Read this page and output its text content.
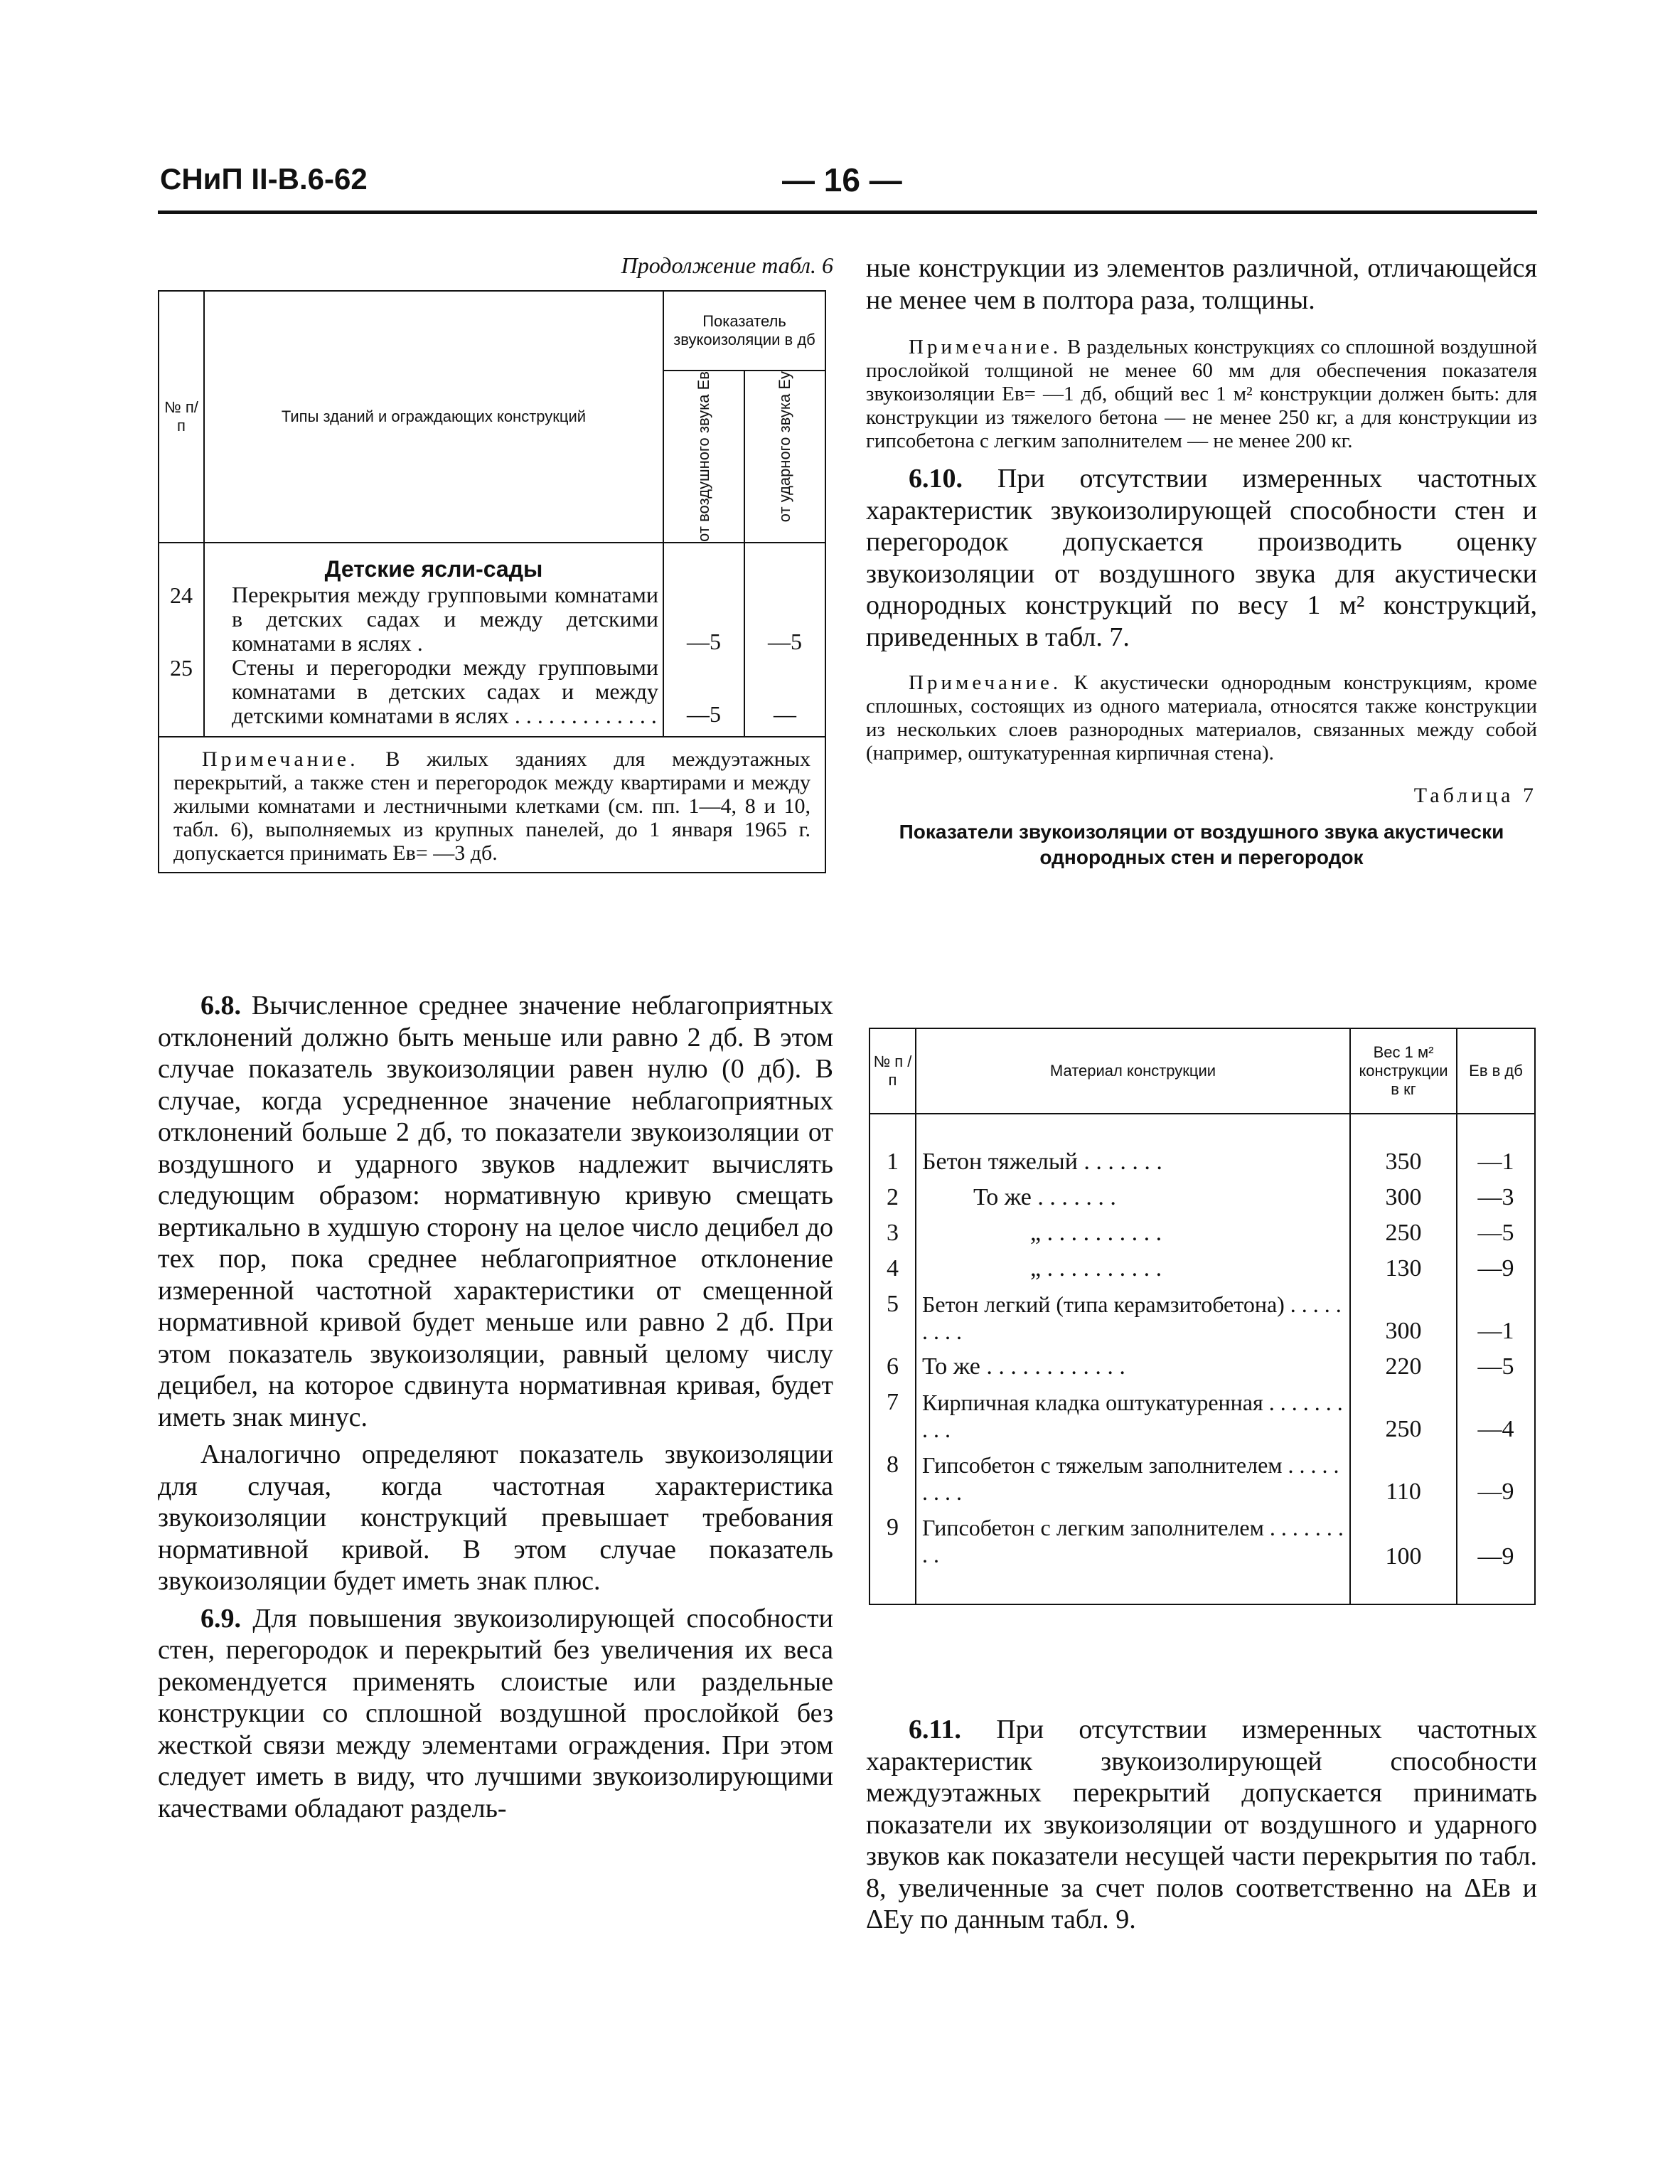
СНиП II-В.6-62	— 16 —
Продолжение табл. 6
№ п/п	Типы зданий и ограждающих конструкций	Показатель звукоизоляции в дб	

		от воздушного звука Eв	от ударного звука Eу

	Детские ясли-сады		
24	Перекрытия между групповыми комнатами в детских садах и между детскими комнатами в яслях .	—5	—5
25	Стены и перегородки между групповыми комнатами в детских садах и между детскими комнатами в яслях . . . . . . . . . . . . .	—5	—

Примечание. В жилых зданиях для междуэтажных перекрытий, а также стен и перегородок между квартирами и между жилыми комнатами и лестничными клетками (см. пп. 1—4, 8 и 10, табл. 6), выполняемых из крупных панелей, до 1 января 1965 г. допускается принимать Eв= —3 дб.			

6.8. Вычисленное среднее значение неблагоприятных отклонений должно быть меньше или равно 2 дб. В этом случае показатель звукоизоляции равен нулю (0 дб). В случае, когда усредненное значение неблагоприятных отклонений больше 2 дб, то показатели звукоизоляции от воздушного и ударного звуков надлежит вычислять следующим образом: нормативную кривую смещать вертикально в худшую сторону на целое число децибел до тех пор, пока среднее неблагоприятное отклонение измеренной частотной характеристики от смещенной нормативной кривой будет меньше или равно 2 дб. При этом показатель звукоизоляции, равный целому числу децибел, на которое сдвинута нормативная кривая, будет иметь знак минус.

Аналогично определяют показатель звукоизоляции для случая, когда частотная характеристика звукоизоляции конструкций превышает требования нормативной кривой. В этом случае показатель звукоизоляции будет иметь знак плюс.

6.9. Для повышения звукоизолирующей способности стен, перегородок и перекрытий без увеличения их веса рекомендуется применять слоистые или раздельные конструкции со сплошной воздушной прослойкой без жесткой связи между элементами ограждения. При этом следует иметь в виду, что лучшими звукоизолирующими качествами обладают раздель-

ные конструкции из элементов различной, отличающейся не менее чем в полтора раза, толщины.

Примечание. В раздельных конструкциях со сплошной воздушной прослойкой толщиной не менее 60 мм для обеспечения показателя звукоизоляции Eв= —1 дб, общий вес 1 м² конструкции должен быть: для конструкции из тяжелого бетона — не менее 250 кг, а для конструкции из гипсобетона с легким заполнителем — не менее 200 кг.

6.10. При отсутствии измеренных частотных характеристик звукоизолирующей способности стен и перегородок допускается производить оценку звукоизоляции от воздушного звука для акустически однородных конструкций по весу 1 м² конструкций, приведенных в табл. 7.

Примечание. К акустически однородным конструкциям, кроме сплошных, состоящих из одного материала, относятся также конструкции из нескольких слоев разнородных материалов, связанных между собой (например, оштукатуренная кирпичная стена).

Таблица 7
Показатели звукоизоляции от воздушного звука акустически однородных стен и перегородок
№ п /п	Материал конструкции	Вес 1 м² конструкции в кг	Eв в дб

1	Бетон тяжелый . . . . . . .	350	—1
2	То же . . . . . . .	300	—3
3	„ . . . . . . . . . .	250	—5
4	„ . . . . . . . . . .	130	—9
5	Бетон легкий (типа керамзитобетона) . . . . . . . . .	300	—1
6	То же . . . . . . . . . . . .	220	—5
7	Кирпичная кладка оштукатуренная . . . . . . . . . .	250	—4
8	Гипсобетон с тяжелым заполнителем . . . . . . . . .	110	—9
9	Гипсобетон с легким заполнителем . . . . . . . . .	100	—9

6.11. При отсутствии измеренных частотных характеристик звукоизолирующей способности междуэтажных перекрытий допускается принимать показатели их звукоизоляции от воздушного и ударного звуков как показатели несущей части перекрытия по табл. 8, увеличенные за счет полов соответственно на ΔEв и ΔEу по данным табл. 9.
